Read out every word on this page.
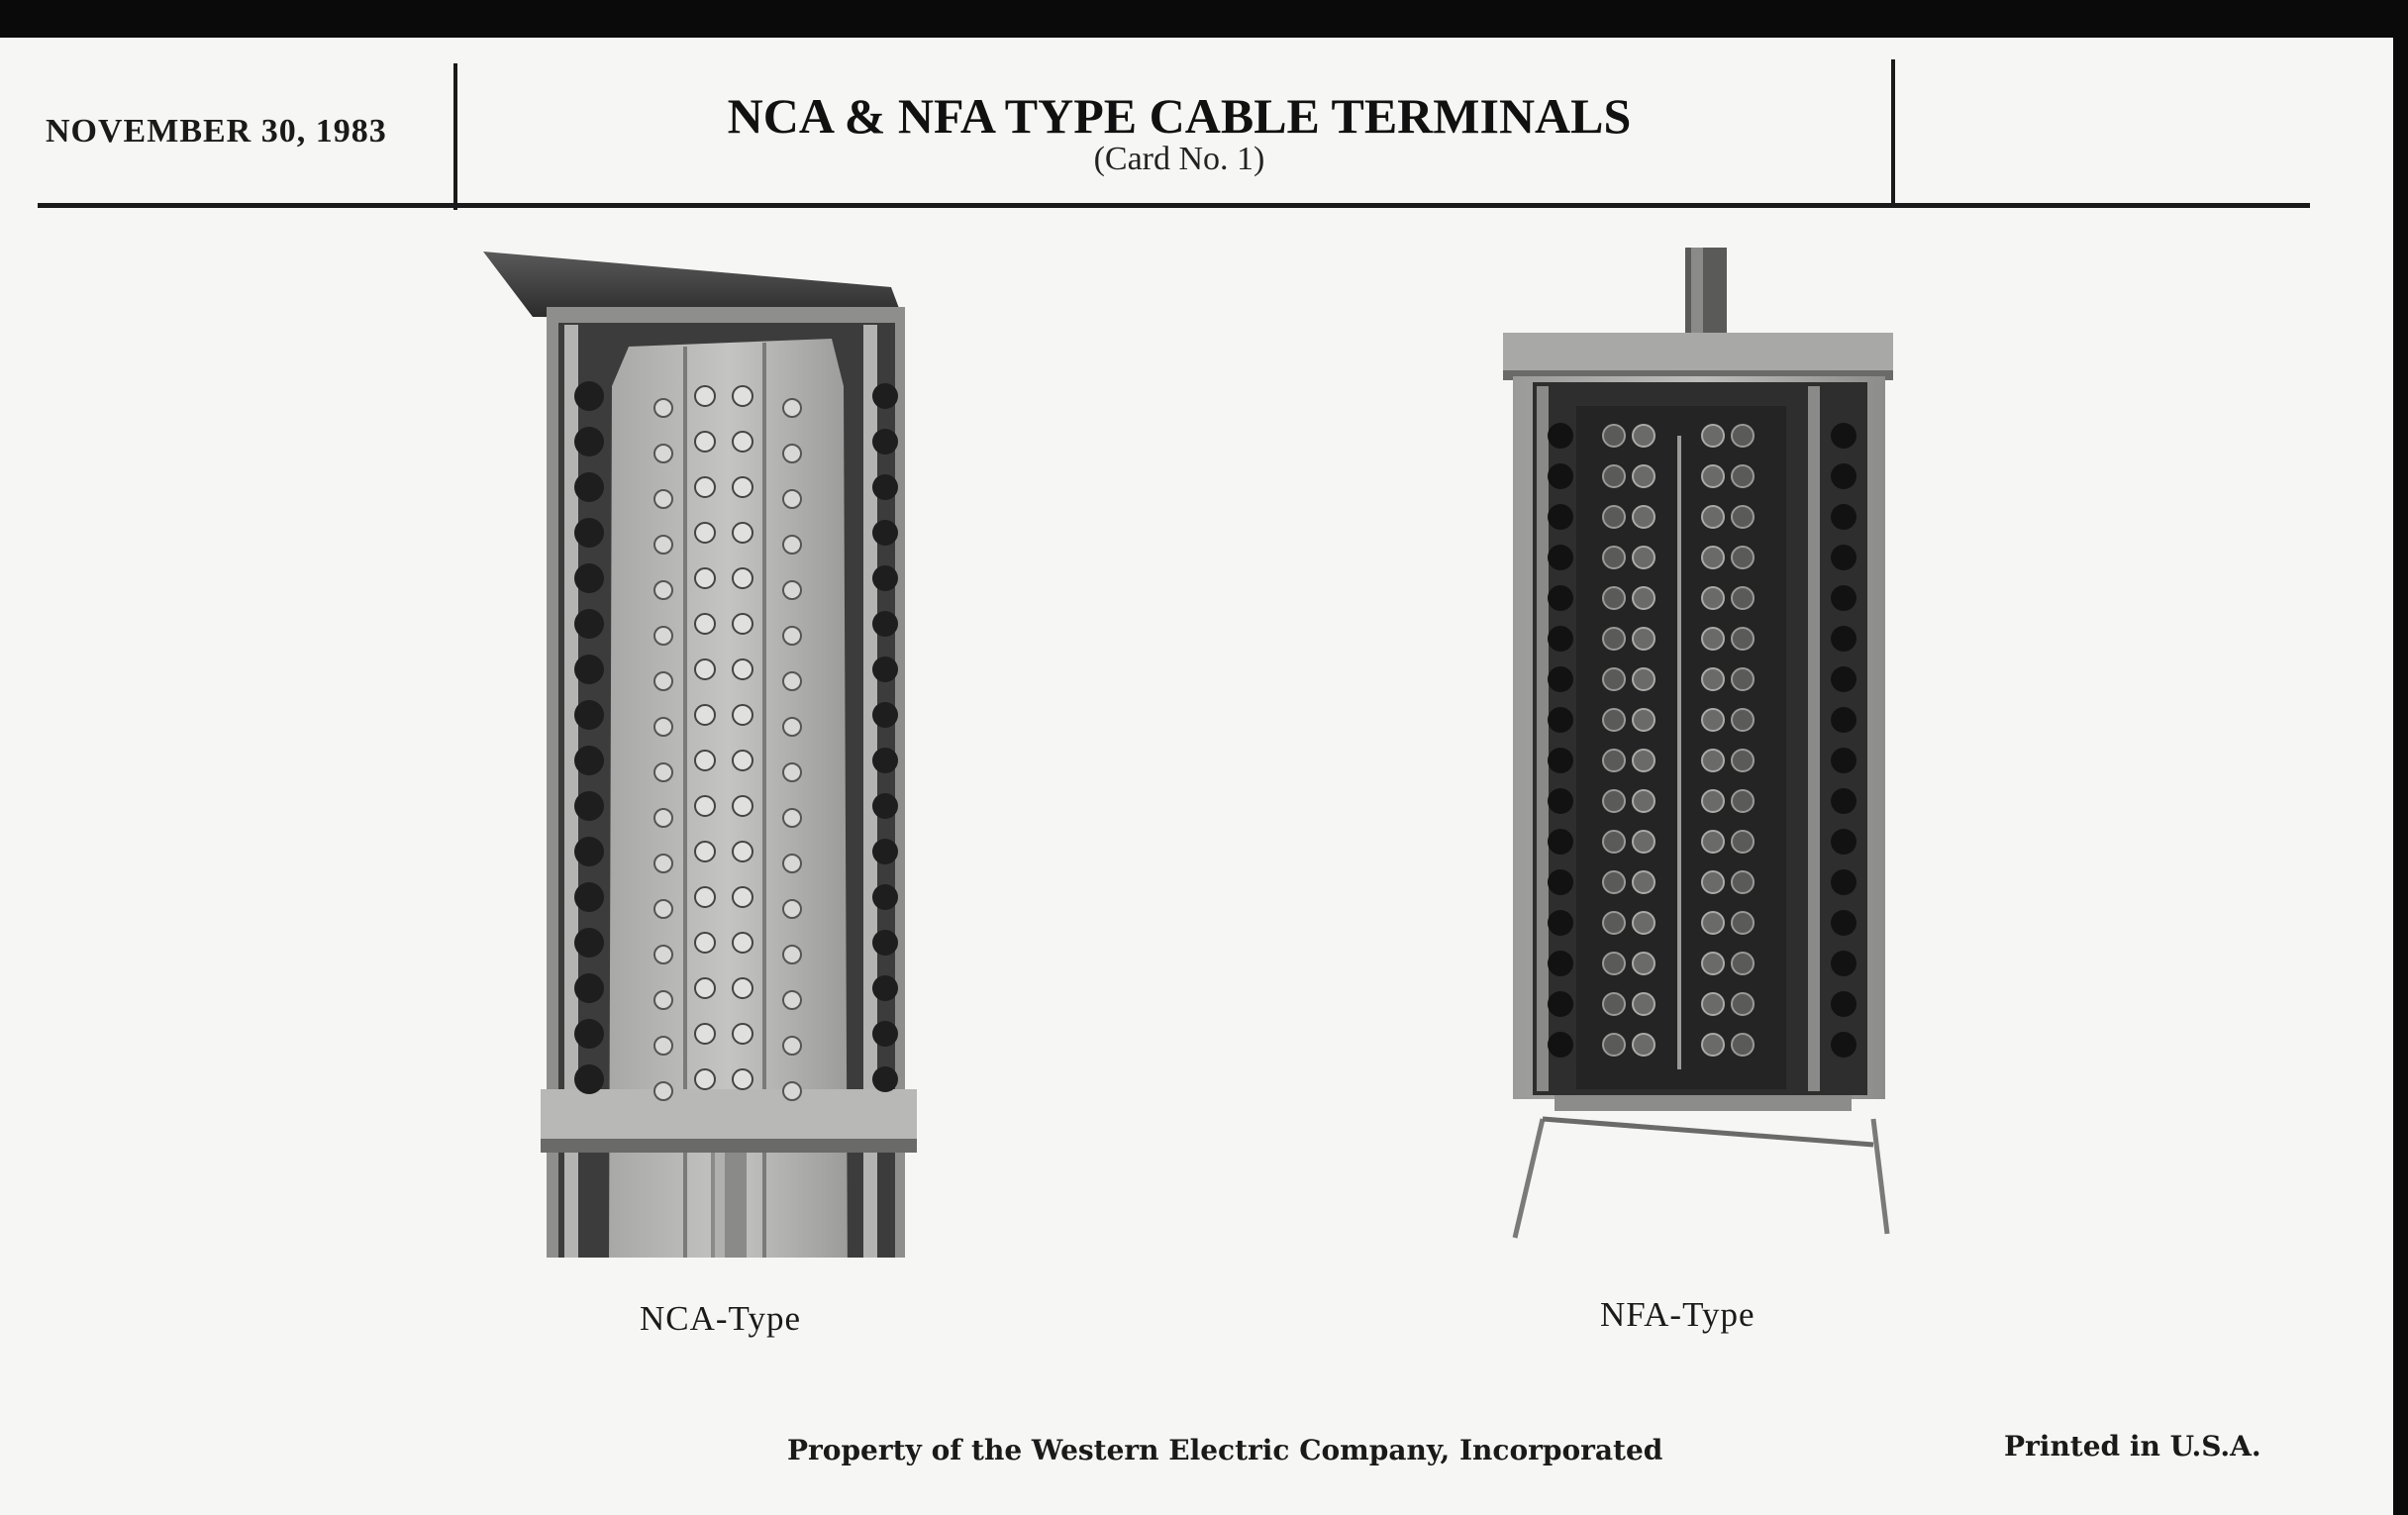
NOVEMBER 30, 1983	NCA & NFA TYPE CABLE TERMINALS
(Card No. 1)
NCA-Type	NFA-Type
Property of the Western Electric Company, Incorporated	Printed in U.S.A.
